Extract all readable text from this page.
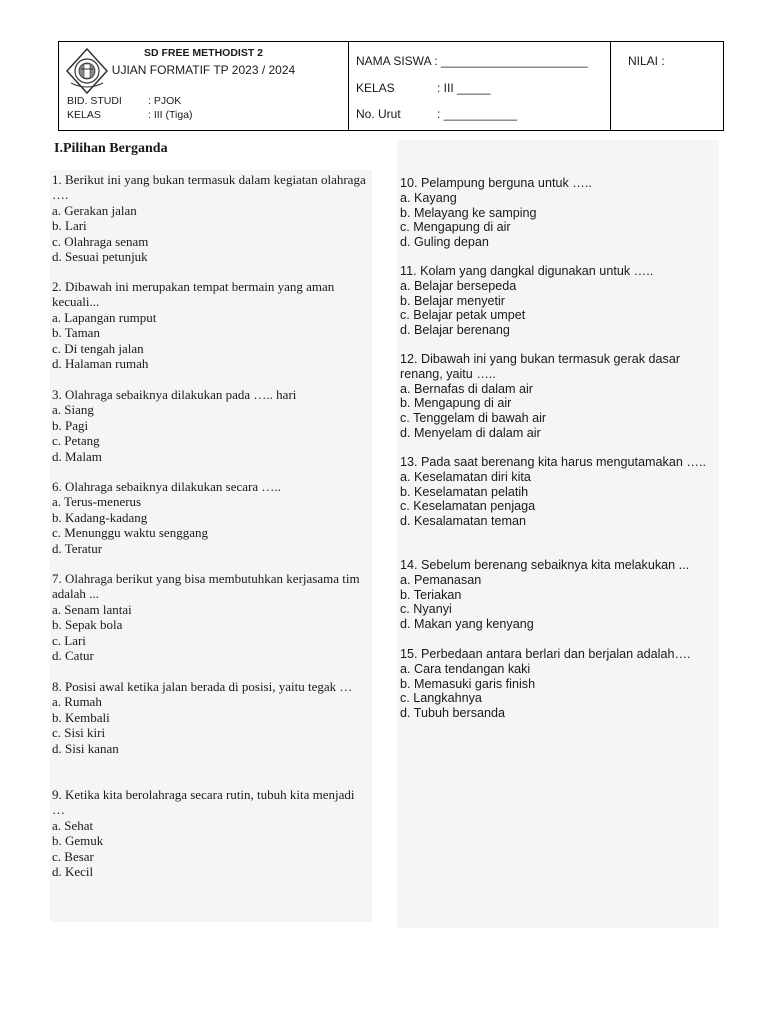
SD FREE METHODIST 2
UJIAN FORMATIF TP 2023 / 2024
BID. STUDI : PJOK
KELAS	: III (Tiga)
NAMA SISWA : ______________________
KELAS	: III _____
No. Urut	: ___________
NILAI :
I.Pilihan Berganda
1. Berikut ini yang bukan termasuk dalam kegiatan olahraga ….
a. Gerakan jalan
b. Lari
c. Olahraga senam
d. Sesuai petunjuk
2. Dibawah ini merupakan tempat bermain yang aman kecuali...
a. Lapangan rumput
b. Taman
c. Di tengah jalan
d. Halaman rumah
3. Olahraga sebaiknya dilakukan pada ….. hari
a. Siang
b. Pagi
c. Petang
d. Malam
6. Olahraga sebaiknya dilakukan secara …..
a. Terus-menerus
b. Kadang-kadang
c. Menunggu waktu senggang
d. Teratur
7. Olahraga berikut yang bisa membutuhkan kerjasama tim adalah ...
a. Senam lantai
b. Sepak bola
c. Lari
d. Catur
8. Posisi awal ketika jalan berada di posisi, yaitu tegak …
a. Rumah
b. Kembali
c. Sisi kiri
d. Sisi kanan
9. Ketika kita berolahraga secara rutin, tubuh kita menjadi …
a. Sehat
b. Gemuk
c. Besar
d. Kecil
10. Pelampung berguna untuk …..
a. Kayang
b. Melayang ke samping
c. Mengapung di air
d. Guling depan
11. Kolam yang dangkal digunakan untuk …..
a. Belajar bersepeda
b. Belajar menyetir
c. Belajar petak umpet
d. Belajar berenang
12. Dibawah ini yang bukan termasuk gerak dasar renang, yaitu …..
a. Bernafas di dalam air
b. Mengapung di air
c. Tenggelam di bawah air
d. Menyelam di dalam air
13. Pada saat berenang kita harus mengutamakan …..
a. Keselamatan diri kita
b. Keselamatan pelatih
c. Keselamatan penjaga
d. Kesalamatan teman
14. Sebelum berenang sebaiknya kita melakukan ...
a. Pemanasan
b. Teriakan
c. Nyanyi
d. Makan yang kenyang
15. Perbedaan antara berlari dan berjalan adalah….
a. Cara tendangan kaki
b. Memasuki garis finish
c. Langkahnya
d. Tubuh bersanda
